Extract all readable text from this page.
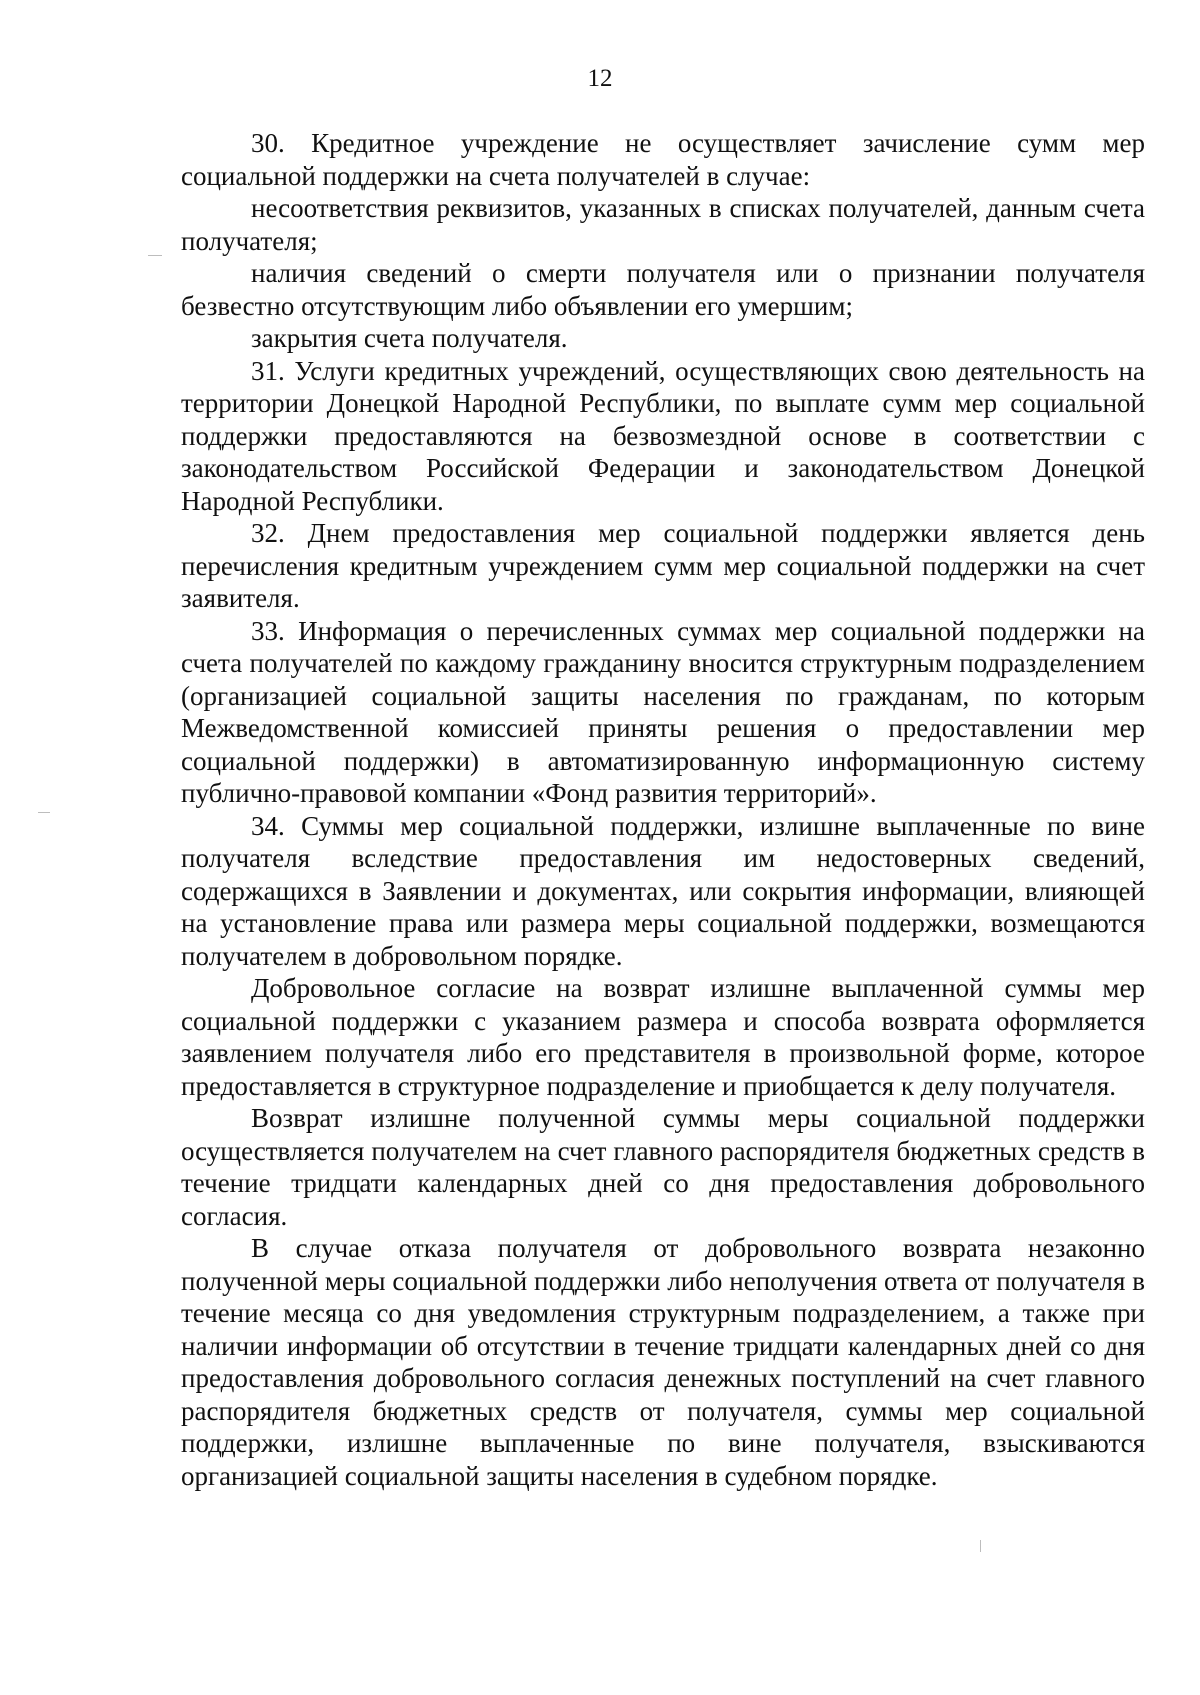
12

30. Кредитное учреждение не осуществляет зачисление сумм мер социальной поддержки на счета получателей в случае:

несоответствия реквизитов, указанных в списках получателей, данным счета получателя;

наличия сведений о смерти получателя или о признании получателя безвестно отсутствующим либо объявлении его умершим;

закрытия счета получателя.

31. Услуги кредитных учреждений, осуществляющих свою деятельность на территории Донецкой Народной Республики, по выплате сумм мер социальной поддержки предоставляются на безвозмездной основе в соответствии с законодательством Российской Федерации и законодательством Донецкой Народной Республики.

32. Днем предоставления мер социальной поддержки является день перечисления кредитным учреждением сумм мер социальной поддержки на счет заявителя.

33. Информация о перечисленных суммах мер социальной поддержки на счета получателей по каждому гражданину вносится структурным подразделением (организацией социальной защиты населения по гражданам, по которым Межведомственной комиссией приняты решения о предоставлении мер социальной поддержки) в автоматизированную информационную систему публично-правовой компании «Фонд развития территорий».

34. Суммы мер социальной поддержки, излишне выплаченные по вине получателя вследствие предоставления им недостоверных сведений, содержащихся в Заявлении и документах, или сокрытия информации, влияющей на установление права или размера меры социальной поддержки, возмещаются получателем в добровольном порядке.

Добровольное согласие на возврат излишне выплаченной суммы мер социальной поддержки с указанием размера и способа возврата оформляется заявлением получателя либо его представителя в произвольной форме, которое предоставляется в структурное подразделение и приобщается к делу получателя.

Возврат излишне полученной суммы меры социальной поддержки осуществляется получателем на счет главного распорядителя бюджетных средств в течение тридцати календарных дней со дня предоставления добровольного согласия.

В случае отказа получателя от добровольного возврата незаконно полученной меры социальной поддержки либо неполучения ответа от получателя в течение месяца со дня уведомления структурным подразделением, а также при наличии информации об отсутствии в течение тридцати календарных дней со дня предоставления добровольного согласия денежных поступлений на счет главного распорядителя бюджетных средств от получателя, суммы мер социальной поддержки, излишне выплаченные по вине получателя, взыскиваются организацией социальной защиты населения в судебном порядке.
